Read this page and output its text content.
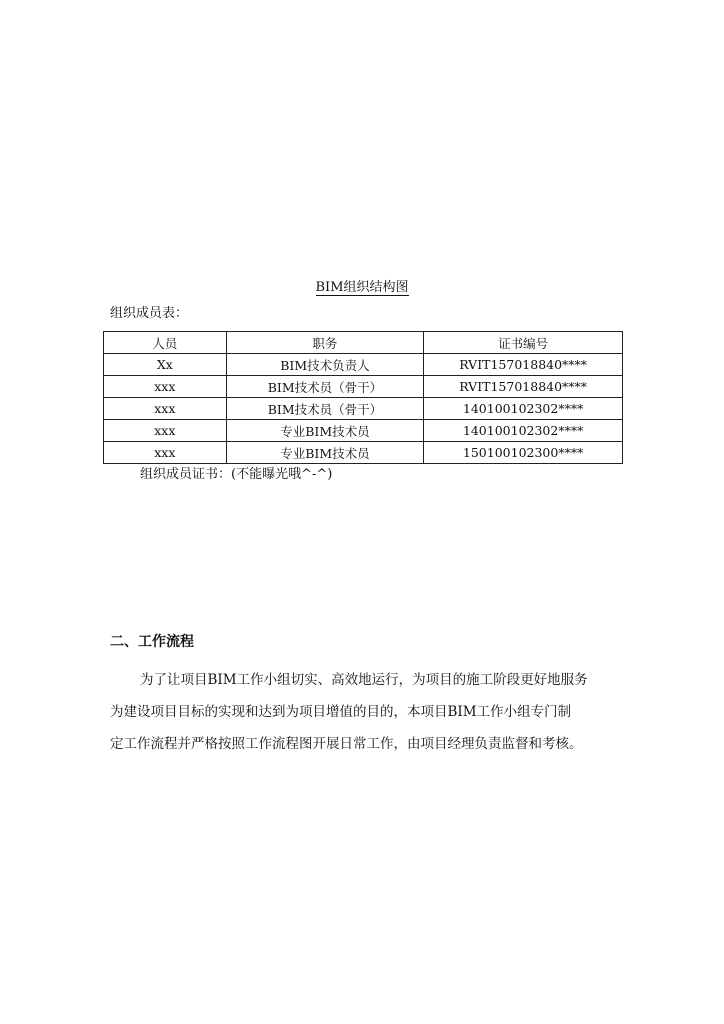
BIM组织结构图
组织成员表：
人员	职务	证书编号
Xx	BIM技术负责人	RVIT157018840****
xxx	BIM技术员（骨干）	RVIT157018840****
xxx	BIM技术员（骨干）	140100102302****
xxx	专业BIM技术员	140100102302****
xxx	专业BIM技术员	150100102300****
组织成员证书：(不能曝光哦^-^)
二、工作流程
为了让项目BIM工作小组切实、高效地运行，为项目的施工阶段更好地服务
为建设项目目标的实现和达到为项目增值的目的，本项目BIM工作小组专门制
定工作流程并严格按照工作流程图开展日常工作，由项目经理负责监督和考核。
